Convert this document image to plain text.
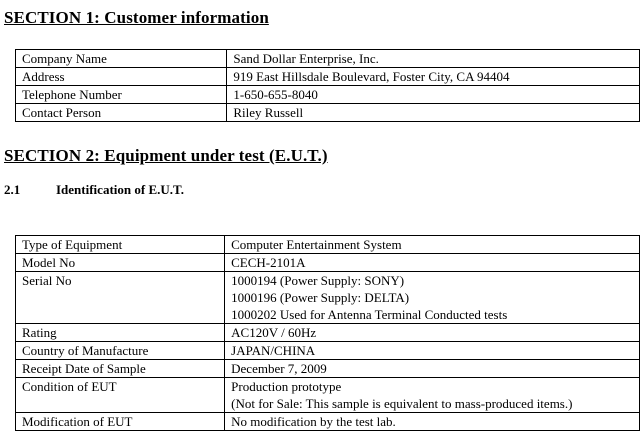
SECTION 1: Customer information
Company Name	Sand Dollar Enterprise, Inc.
Address	919 East Hillsdale Boulevard, Foster City, CA 94404
Telephone Number	1-650-655-8040
Contact Person	Riley Russell
SECTION 2: Equipment under test (E.U.T.)
2.1	Identification of E.U.T.
Type of Equipment	Computer Entertainment System

Model No	CECH-2101A

Serial No	1000194 (Power Supply: SONY)
1000196 (Power Supply: DELTA)
1000202 Used for Antenna Terminal Conducted tests

Rating	AC120V / 60Hz

Country of Manufacture	JAPAN/CHINA

Receipt Date of Sample	December 7, 2009

Condition of EUT	Production prototype
(Not for Sale: This sample is equivalent to mass-produced items.)

Modification of EUT	No modification by the test lab.
